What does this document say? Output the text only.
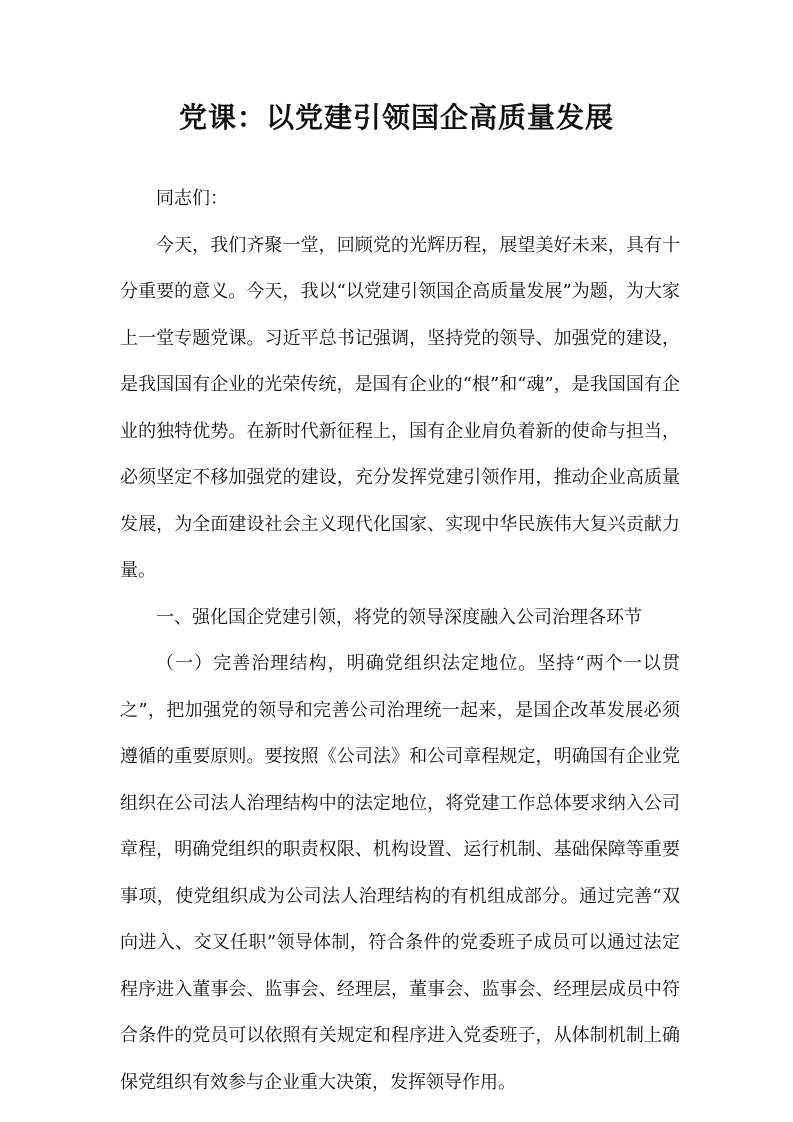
党课：以党建引领国企高质量发展

同志们：

今天，我们齐聚一堂，回顾党的光辉历程，展望美好未来，具有十分重要的意义。今天，我以“以党建引领国企高质量发展”为题，为大家上一堂专题党课。习近平总书记强调，坚持党的领导、加强党的建设，是我国国有企业的光荣传统，是国有企业的“根”和“魂”，是我国国有企业的独特优势。在新时代新征程上，国有企业肩负着新的使命与担当，必须坚定不移加强党的建设，充分发挥党建引领作用，推动企业高质量发展，为全面建设社会主义现代化国家、实现中华民族伟大复兴贡献力量。

一、强化国企党建引领，将党的领导深度融入公司治理各环节

（一）完善治理结构，明确党组织法定地位。坚持“两个一以贯之”，把加强党的领导和完善公司治理统一起来，是国企改革发展必须遵循的重要原则。要按照《公司法》和公司章程规定，明确国有企业党组织在公司法人治理结构中的法定地位，将党建工作总体要求纳入公司章程，明确党组织的职责权限、机构设置、运行机制、基础保障等重要事项，使党组织成为公司法人治理结构的有机组成部分。通过完善“双向进入、交叉任职”领导体制，符合条件的党委班子成员可以通过法定程序进入董事会、监事会、经理层，董事会、监事会、经理层成员中符合条件的党员可以依照有关规定和程序进入党委班子，从体制机制上确保党组织有效参与企业重大决策，发挥领导作用。
